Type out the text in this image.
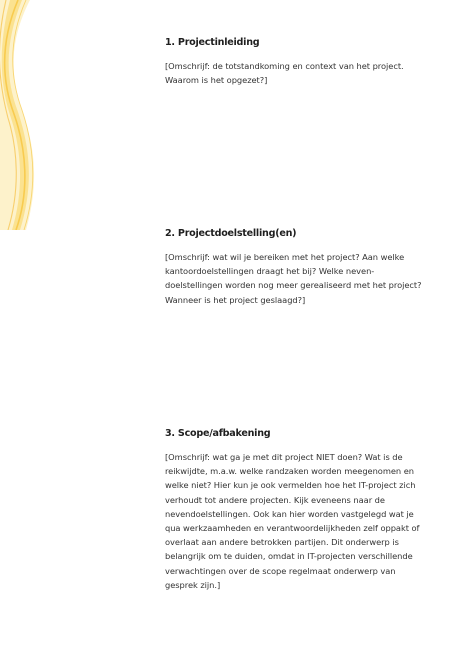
1. Projectinleiding

[Omschrijf: de totstandkoming en context van het project.
Waarom is het opgezet?]

2. Projectdoelstelling(en)

[Omschrijf: wat wil je bereiken met het project? Aan welke
kantoordoelstellingen draagt het bij? Welke neven-
doelstellingen worden nog meer gerealiseerd met het project?
Wanneer is het project geslaagd?]

3. Scope/afbakening

[Omschrijf: wat ga je met dit project NIET doen? Wat is de
reikwijdte, m.a.w. welke randzaken worden meegenomen en
welke niet? Hier kun je ook vermelden hoe het IT-project zich
verhoudt tot andere projecten. Kijk eveneens naar de
nevendoelstellingen. Ook kan hier worden vastgelegd wat je
qua werkzaamheden en verantwoordelijkheden zelf oppakt of
overlaat aan andere betrokken partijen. Dit onderwerp is
belangrijk om te duiden, omdat in IT-projecten verschillende
verwachtingen over de scope regelmaat onderwerp van
gesprek zijn.]
